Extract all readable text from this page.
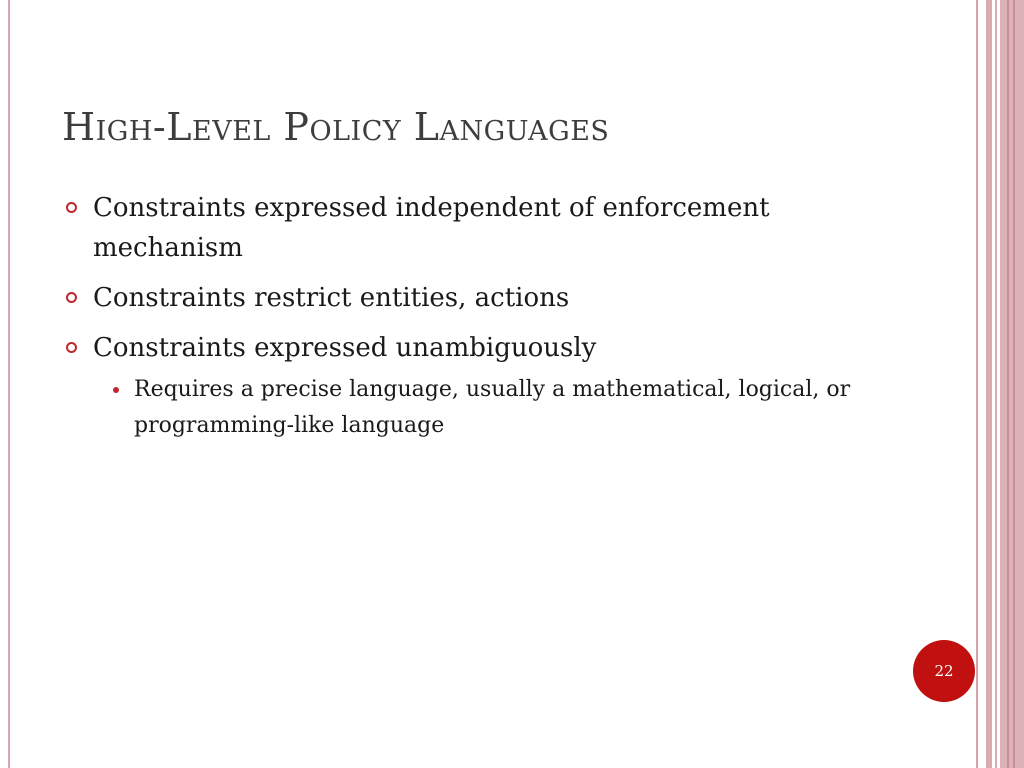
High-Level Policy Languages
Constraints expressed independent of enforcement mechanism
Constraints restrict entities, actions
Constraints expressed unambiguously
Requires a precise language, usually a mathematical, logical, or programming-like language
22
